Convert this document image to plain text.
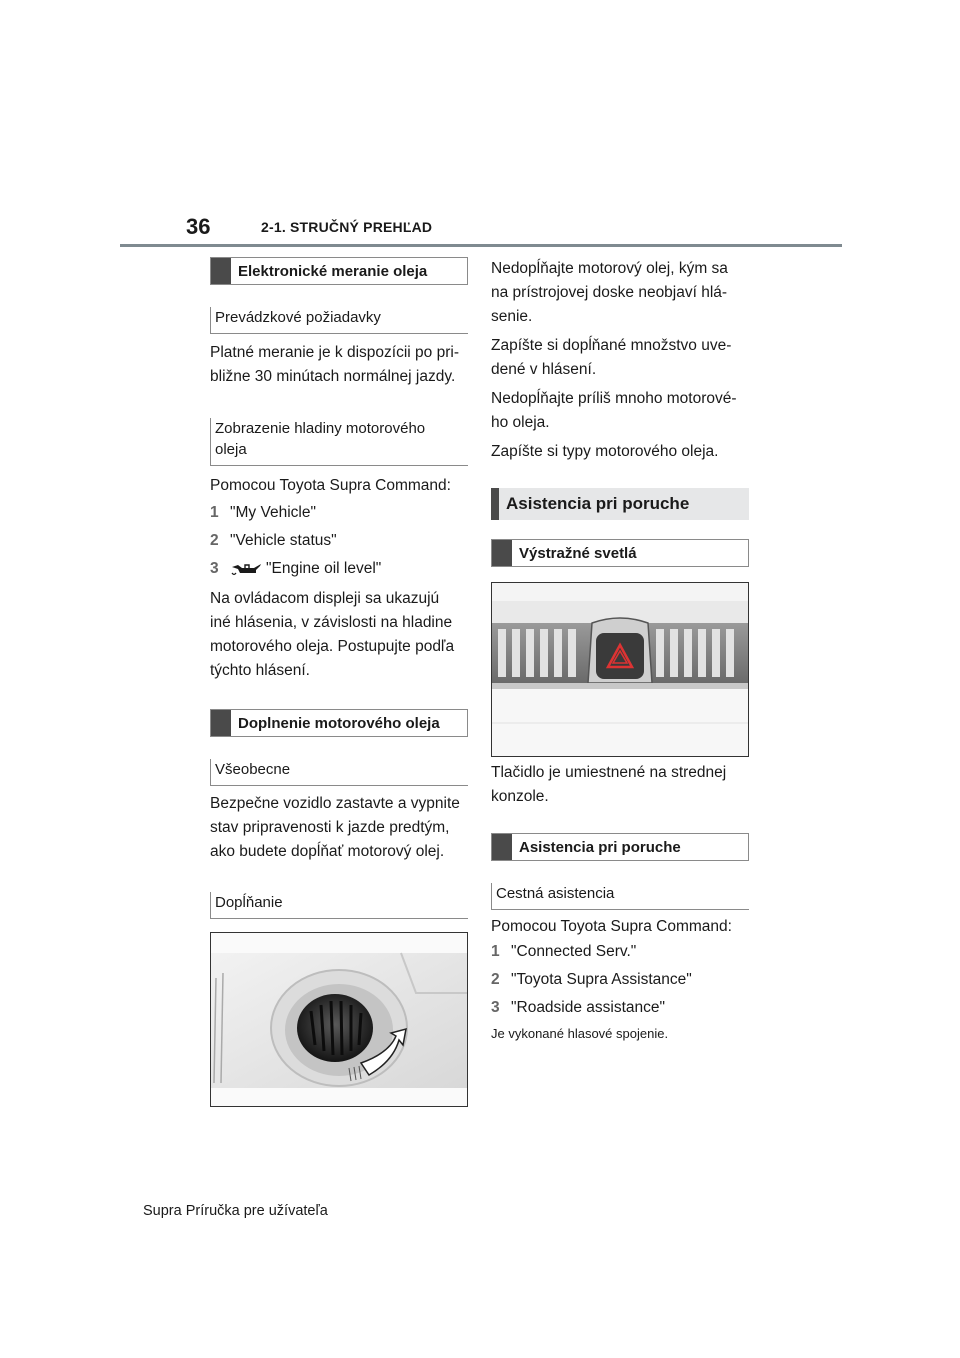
36	2-1. STRUČNÝ PREHĽAD
Elektronické meranie oleja
Prevádzkové požiadavky

Platné meranie je k dispozícii po pri-
bližne 30 minútach normálnej jazdy.

Zobrazenie hladiny motorového
oleja

Pomocou Toyota Supra Command:

1 "My Vehicle"
2 "Vehicle status"
3	"Engine oil level"

Na ovládacom displeji sa ukazujú
iné hlásenia, v závislosti na hladine
motorového oleja. Postupujte podľa
týchto hlásení.

Doplnenie motorového oleja
Všeobecne

Bezpečne vozidlo zastavte a vypnite
stav pripravenosti k jazde predtým,
ako budete dopĺňať motorový olej.

Dopĺňanie

Nedopĺňajte motorový olej, kým sa
na prístrojovej doske neobjaví hlá-
senie.

Zapíšte si dopĺňané množstvo uve-
dené v hlásení.

Nedopĺňajte príliš mnoho motorové-
ho oleja.

Zapíšte si typy motorového oleja.

Asistencia pri poruche
Výstražné svetlá

Tlačidlo je umiestnené na strednej
konzole.

Asistencia pri poruche
Cestná asistencia

Pomocou Toyota Supra Command:

1 "Connected Serv."
2 "Toyota Supra Assistance"
3 "Roadside assistance"

Je vykonané hlasové spojenie.

Supra Príručka pre užívateľa
